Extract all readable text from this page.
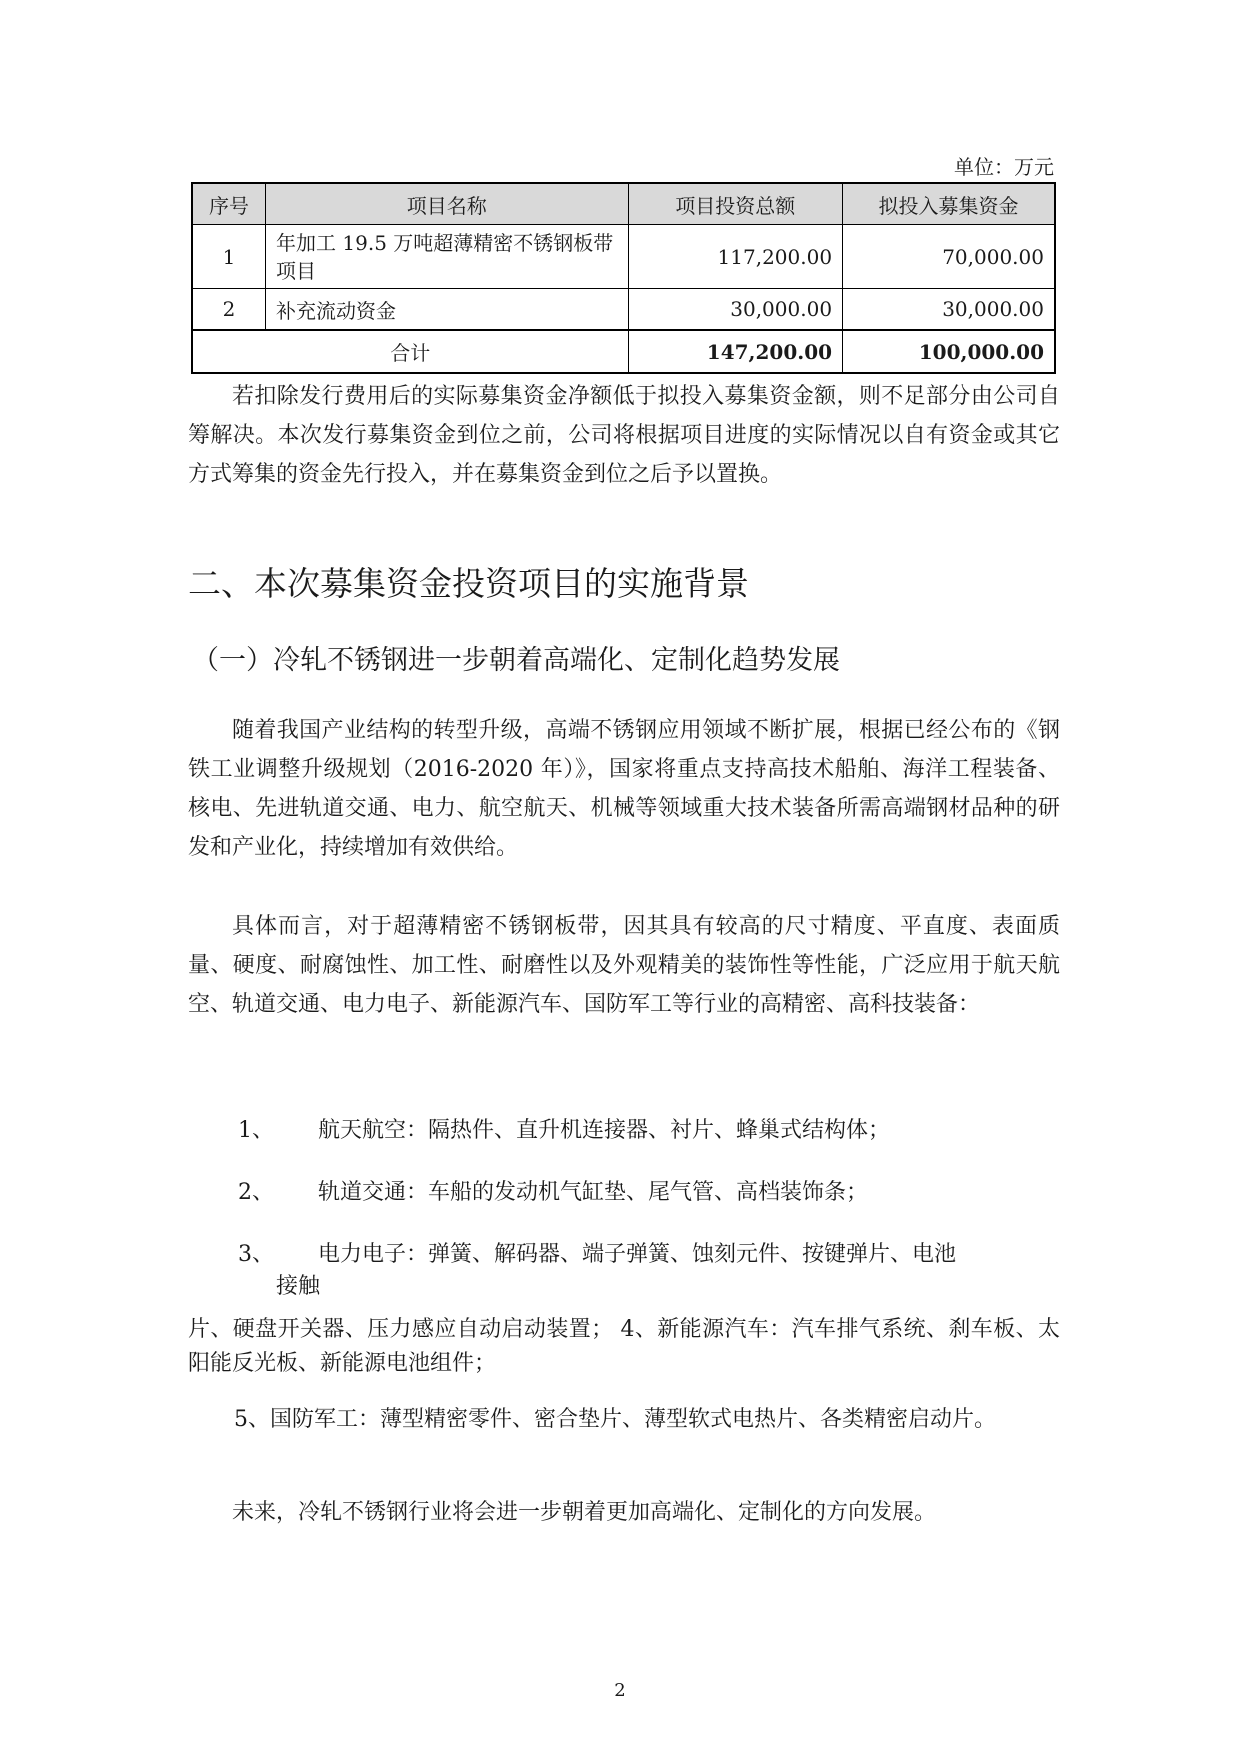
单位：万元
序号	项目名称	项目投资总额	拟投入募集资金
1	年加工 19.5 万吨超薄精密不锈钢板带项目	117,200.00	70,000.00
2	补充流动资金	30,000.00	30,000.00
合计		147,200.00	100,000.00

若扣除发行费用后的实际募集资金净额低于拟投入募集资金额，则不足部分由公司自筹解决。本次发行募集资金到位之前，公司将根据项目进度的实际情况以自有资金或其它方式筹集的资金先行投入，并在募集资金到位之后予以置换。

二、本次募集资金投资项目的实施背景
（一）冷轧不锈钢进一步朝着高端化、定制化趋势发展

随着我国产业结构的转型升级，高端不锈钢应用领域不断扩展，根据已经公布的《钢铁工业调整升级规划（2016-2020 年）》，国家将重点支持高技术船舶、海洋工程装备、核电、先进轨道交通、电力、航空航天、机械等领域重大技术装备所需高端钢材品种的研发和产业化，持续增加有效供给。

具体而言，对于超薄精密不锈钢板带，因其具有较高的尺寸精度、平直度、表面质量、硬度、耐腐蚀性、加工性、耐磨性以及外观精美的装饰性等性能，广泛应用于航天航空、轨道交通、电力电子、新能源汽车、国防军工等行业的高精密、高科技装备：

1、 航天航空：隔热件、直升机连接器、衬片、蜂巢式结构体；
2、 轨道交通：车船的发动机气缸垫、尾气管、高档装饰条；
3、 电力电子：弹簧、解码器、端子弹簧、蚀刻元件、按键弹片、电池
接触

片、硬盘开关器、压力感应自动启动装置； 4、新能源汽车：汽车排气系统、刹车板、太阳能反光板、新能源电池组件；

5、国防军工：薄型精密零件、密合垫片、薄型软式电热片、各类精密启动片。

未来，冷轧不锈钢行业将会进一步朝着更加高端化、定制化的方向发展。

2
